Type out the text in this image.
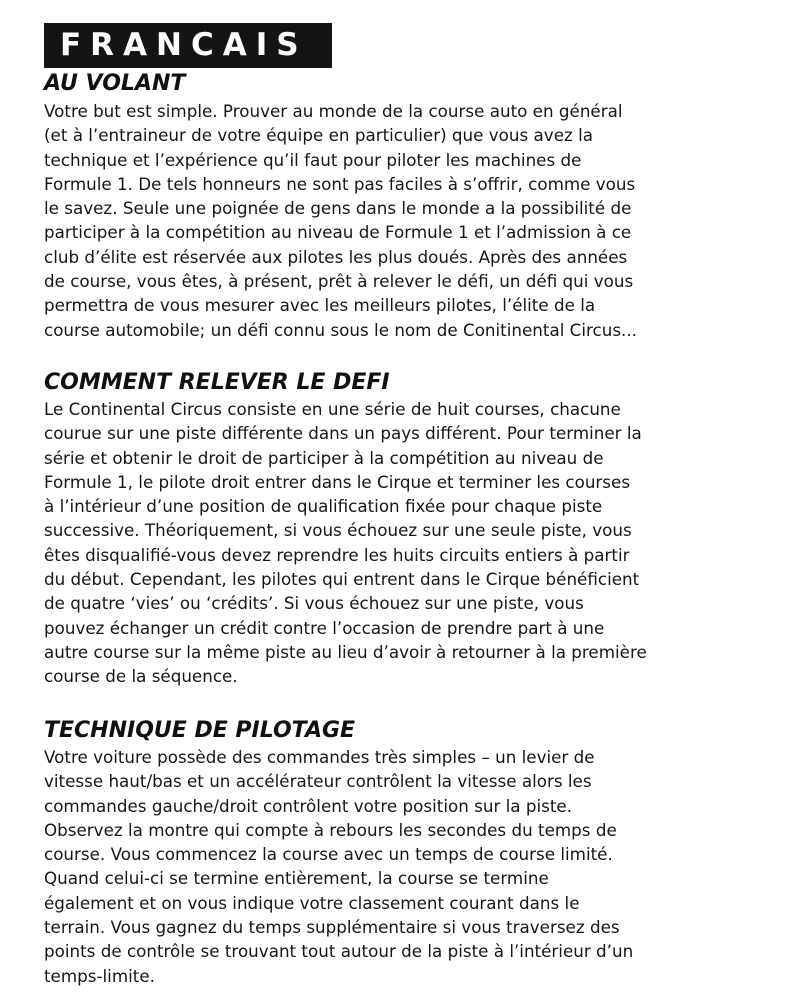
FRANCAIS
AU VOLANT
Votre but est simple. Prouver au monde de la course auto en général (et à l’entraineur de votre équipe en particulier) que vous avez la technique et l’expérience qu’il faut pour piloter les machines de Formule 1. De tels honneurs ne sont pas faciles à s’offrir, comme vous le savez. Seule une poignée de gens dans le monde a la possibilité de participer à la compétition au niveau de Formule 1 et l’admission à ce club d’élite est réservée aux pilotes les plus doués. Après des années de course, vous êtes, à présent, prêt à relever le défi, un défi qui vous permettra de vous mesurer avec les meilleurs pilotes, l’élite de la course automobile; un défi connu sous le nom de Conitinental Circus...
COMMENT RELEVER LE DEFI
Le Continental Circus consiste en une série de huit courses, chacune courue sur une piste différente dans un pays différent. Pour terminer la série et obtenir le droit de participer à la compétition au niveau de Formule 1, le pilote droit entrer dans le Cirque et terminer les courses à l’intérieur d’une position de qualification fixée pour chaque piste successive. Théoriquement, si vous échouez sur une seule piste, vous êtes disqualifié-vous devez reprendre les huits circuits entiers à partir du début. Cependant, les pilotes qui entrent dans le Cirque bénéficient de quatre ‘vies’ ou ‘crédits’. Si vous échouez sur une piste, vous pouvez échanger un crédit contre l’occasion de prendre part à une autre course sur la même piste au lieu d’avoir à retourner à la première course de la séquence.
TECHNIQUE DE PILOTAGE
Votre voiture possède des commandes très simples – un levier de vitesse haut/bas et un accélérateur contrôlent la vitesse alors les commandes gauche/droit contrôlent votre position sur la piste. Observez la montre qui compte à rebours les secondes du temps de course. Vous commencez la course avec un temps de course limité. Quand celui-ci se termine entièrement, la course se termine également et on vous indique votre classement courant dans le terrain. Vous gagnez du temps supplémentaire si vous traversez des points de contrôle se trouvant tout autour de la piste à l’intérieur d’un temps-limite.
